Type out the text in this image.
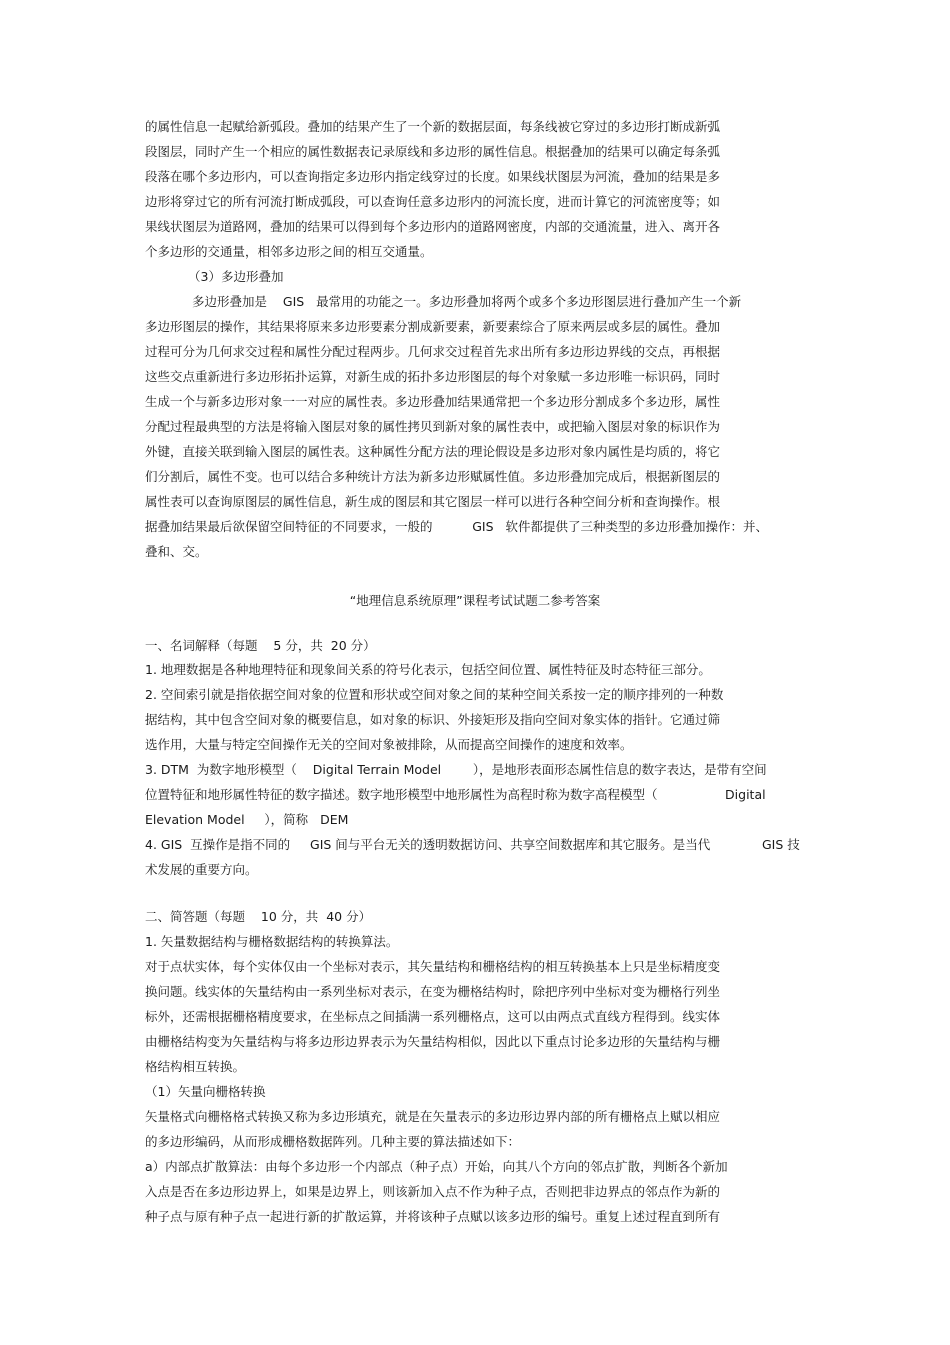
的属性信息一起赋给新弧段。叠加的结果产生了一个新的数据层面，每条线被它穿过的多边形打断成新弧

段图层，同时产生一个相应的属性数据表记录原线和多边形的属性信息。根据叠加的结果可以确定每条弧

段落在哪个多边形内，可以查询指定多边形内指定线穿过的长度。如果线状图层为河流，叠加的结果是多

边形将穿过它的所有河流打断成弧段，可以查询任意多边形内的河流长度，进而计算它的河流密度等；如

果线状图层为道路网，叠加的结果可以得到每个多边形内的道路网密度，内部的交通流量，进入、离开各

个多边形的交通量，相邻多边形之间的相互交通量。

（3）多边形叠加

多边形叠加是    GIS   最常用的功能之一。多边形叠加将两个或多个多边形图层进行叠加产生一个新

多边形图层的操作，其结果将原来多边形要素分割成新要素，新要素综合了原来两层或多层的属性。叠加

过程可分为几何求交过程和属性分配过程两步。几何求交过程首先求出所有多边形边界线的交点，再根据

这些交点重新进行多边形拓扑运算，对新生成的拓扑多边形图层的每个对象赋一多边形唯一标识码，同时

生成一个与新多边形对象一一对应的属性表。多边形叠加结果通常把一个多边形分割成多个多边形，属性

分配过程最典型的方法是将输入图层对象的属性拷贝到新对象的属性表中，或把输入图层对象的标识作为

外键，直接关联到输入图层的属性表。这种属性分配方法的理论假设是多边形对象内属性是均质的，将它

们分割后，属性不变。也可以结合多种统计方法为新多边形赋属性值。多边形叠加完成后，根据新图层的

属性表可以查询原图层的属性信息，新生成的图层和其它图层一样可以进行各种空间分析和查询操作。根

据叠加结果最后欲保留空间特征的不同要求，一般的          GIS   软件都提供了三种类型的多边形叠加操作：并、

叠和、交。

“地理信息系统原理”课程考试试题二参考答案

一、名词解释（每题    5 分，共  20 分）

1. 地理数据是各种地理特征和现象间关系的符号化表示，包括空间位置、属性特征及时态特征三部分。

2. 空间索引就是指依据空间对象的位置和形状或空间对象之间的某种空间关系按一定的顺序排列的一种数

据结构，其中包含空间对象的概要信息，如对象的标识、外接矩形及指向空间对象实体的指针。它通过筛

选作用，大量与特定空间操作无关的空间对象被排除，从而提高空间操作的速度和效率。

3. DTM  为数字地形模型（    Digital Terrain Model        ），是地形表面形态属性信息的数字表达，是带有空间

位置特征和地形属性特征的数字描述。数字地形模型中地形属性为高程时称为数字高程模型（                 Digital

Elevation Model     ），简称   DEM

4. GIS  互操作是指不同的     GIS 间与平台无关的透明数据访问、共享空间数据库和其它服务。是当代             GIS 技

术发展的重要方向。

二、简答题（每题    10 分，共  40 分）

1. 矢量数据结构与栅格数据结构的转换算法。

对于点状实体，每个实体仅由一个坐标对表示，其矢量结构和栅格结构的相互转换基本上只是坐标精度变

换问题。线实体的矢量结构由一系列坐标对表示，在变为栅格结构时，除把序列中坐标对变为栅格行列坐

标外，还需根据栅格精度要求，在坐标点之间插满一系列栅格点，这可以由两点式直线方程得到。线实体

由栅格结构变为矢量结构与将多边形边界表示为矢量结构相似，因此以下重点讨论多边形的矢量结构与栅

格结构相互转换。

（1）矢量向栅格转换

矢量格式向栅格格式转换又称为多边形填充，就是在矢量表示的多边形边界内部的所有栅格点上赋以相应

的多边形编码，从而形成栅格数据阵列。几种主要的算法描述如下：

a）内部点扩散算法：由每个多边形一个内部点（种子点）开始，向其八个方向的邻点扩散，判断各个新加

入点是否在多边形边界上，如果是边界上，则该新加入点不作为种子点，否则把非边界点的邻点作为新的

种子点与原有种子点一起进行新的扩散运算，并将该种子点赋以该多边形的编号。重复上述过程直到所有
